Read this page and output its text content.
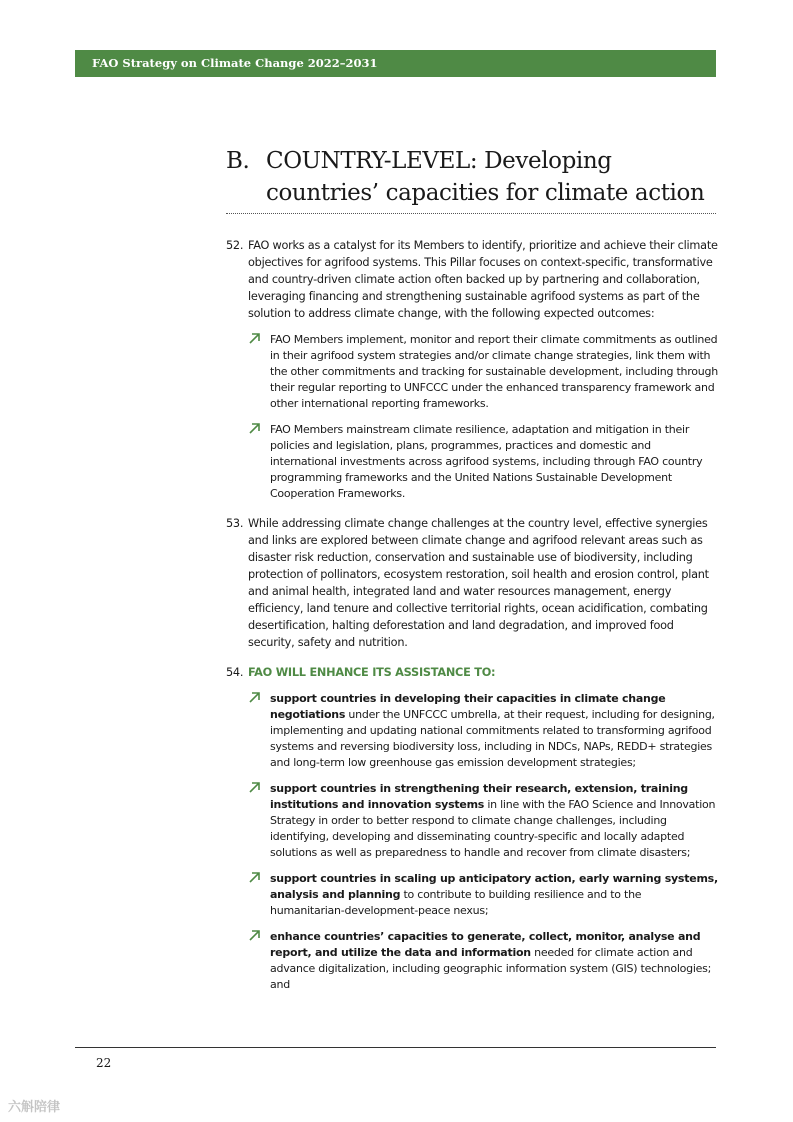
FAO Strategy on Climate Change 2022–2031
B. COUNTRY-LEVEL: Developing
countries’ capacities for climate action
52. FAO works as a catalyst for its Members to identify, prioritize and achieve their climate objectives for agrifood systems. This Pillar focuses on context-specific, transformative and country-driven climate action often backed up by partnering and collaboration, leveraging financing and strengthening sustainable agrifood systems as part of the solution to address climate change, with the following expected outcomes:

FAO Members implement, monitor and report their climate commitments as outlined in their agrifood system strategies and/or climate change strategies, link them with the other commitments and tracking for sustainable development, including through their regular reporting to UNFCCC under the enhanced transparency framework and other international reporting frameworks.
FAO Members mainstream climate resilience, adaptation and mitigation in their policies and legislation, plans, programmes, practices and domestic and international investments across agrifood systems, including through FAO country programming frameworks and the United Nations Sustainable Development Cooperation Frameworks.
53. While addressing climate change challenges at the country level, effective synergies and links are explored between climate change and agrifood relevant areas such as disaster risk reduction, conservation and sustainable use of biodiversity, including protection of pollinators, ecosystem restoration, soil health and erosion control, plant and animal health, integrated land and water resources management, energy efficiency, land tenure and collective territorial rights, ocean acidification, combating desertification, halting deforestation and land degradation, and improved food security, safety and nutrition.

54. FAO WILL ENHANCE ITS ASSISTANCE TO:

support countries in developing their capacities in climate change negotiations under the UNFCCC umbrella, at their request, including for designing, implementing and updating national commitments related to transforming agrifood systems and reversing biodiversity loss, including in NDCs, NAPs, REDD+ strategies and long-term low greenhouse gas emission development strategies;
support countries in strengthening their research, extension, training institutions and innovation systems in line with the FAO Science and Innovation Strategy in order to better respond to climate change challenges, including identifying, developing and disseminating country-specific and locally adapted solutions as well as preparedness to handle and recover from climate disasters;
support countries in scaling up anticipatory action, early warning systems, analysis and planning to contribute to building resilience and to the humanitarian-development-peace nexus;
enhance countries’ capacities to generate, collect, monitor, analyse and report, and utilize the data and information needed for climate action and advance digitalization, including geographic information system (GIS) technologies; and
22
六斛陪律
